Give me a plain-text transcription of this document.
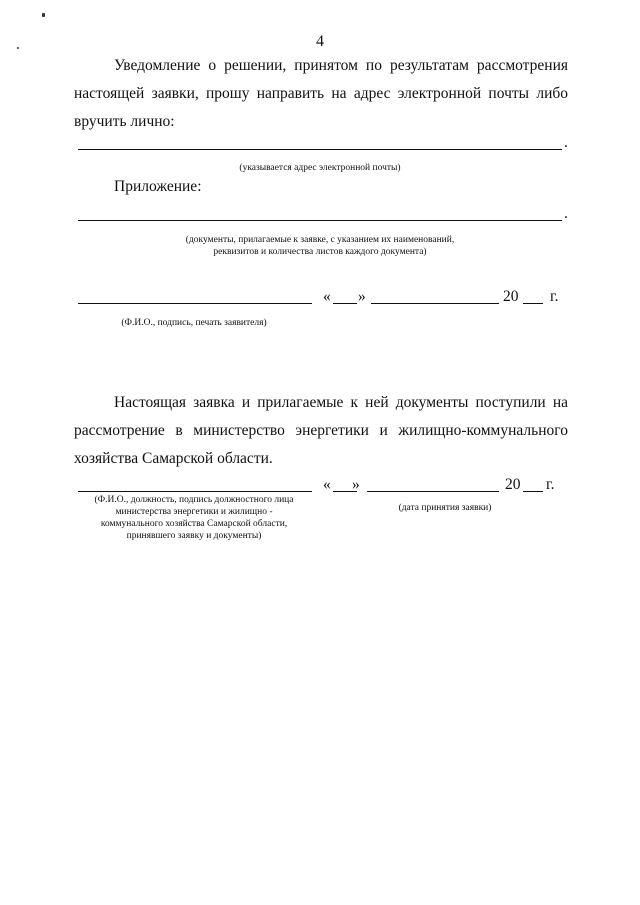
4
Уведомление о решении, принятом по результатам рассмотрения настоящей заявки, прошу направить на адрес электронной почты либо вручить лично:
.
(указывается адрес электронной почты)
Приложение:
.
(документы, прилагаемые к заявке, с указанием их наименований,
реквизитов и количества листов каждого документа)
« »	20 г.
(Ф.И.О., подпись, печать заявителя)
Настоящая заявка и прилагаемые к ней документы поступили на рассмотрение в министерство энергетики и жилищно-коммунального хозяйства Самарской области.
« »	20 г.
(Ф.И.О., должность, подпись должностного лица
министерства энергетики и жилищно -
коммунального хозяйства Самарской области,
принявшего заявку и документы)
(дата принятия заявки)
